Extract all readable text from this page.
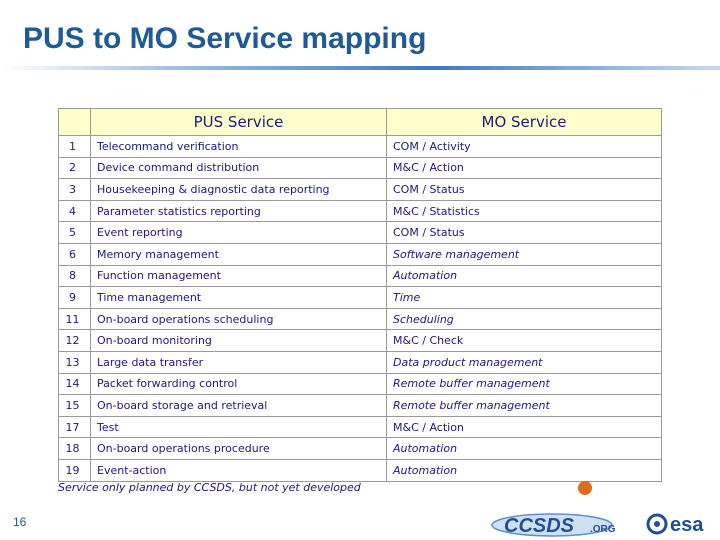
PUS to MO Service mapping
	PUS Service	MO Service
1	Telecommand verification	COM / Activity
2	Device command distribution	M&C / Action
3	Housekeeping & diagnostic data reporting	COM / Status
4	Parameter statistics reporting	M&C / Statistics
5	Event reporting	COM / Status
6	Memory management	Software management
8	Function management	Automation
9	Time management	Time
11	On-board operations scheduling	Scheduling
12	On-board monitoring	M&C / Check
13	Large data transfer	Data product management
14	Packet forwarding control	Remote buffer management
15	On-board storage and retrieval	Remote buffer management
17	Test	M&C / Action
18	On-board operations procedure	Automation
19	Event-action	Automation
Service only planned by CCSDS, but not yet developed
16	CCSDS .ORG	esa
